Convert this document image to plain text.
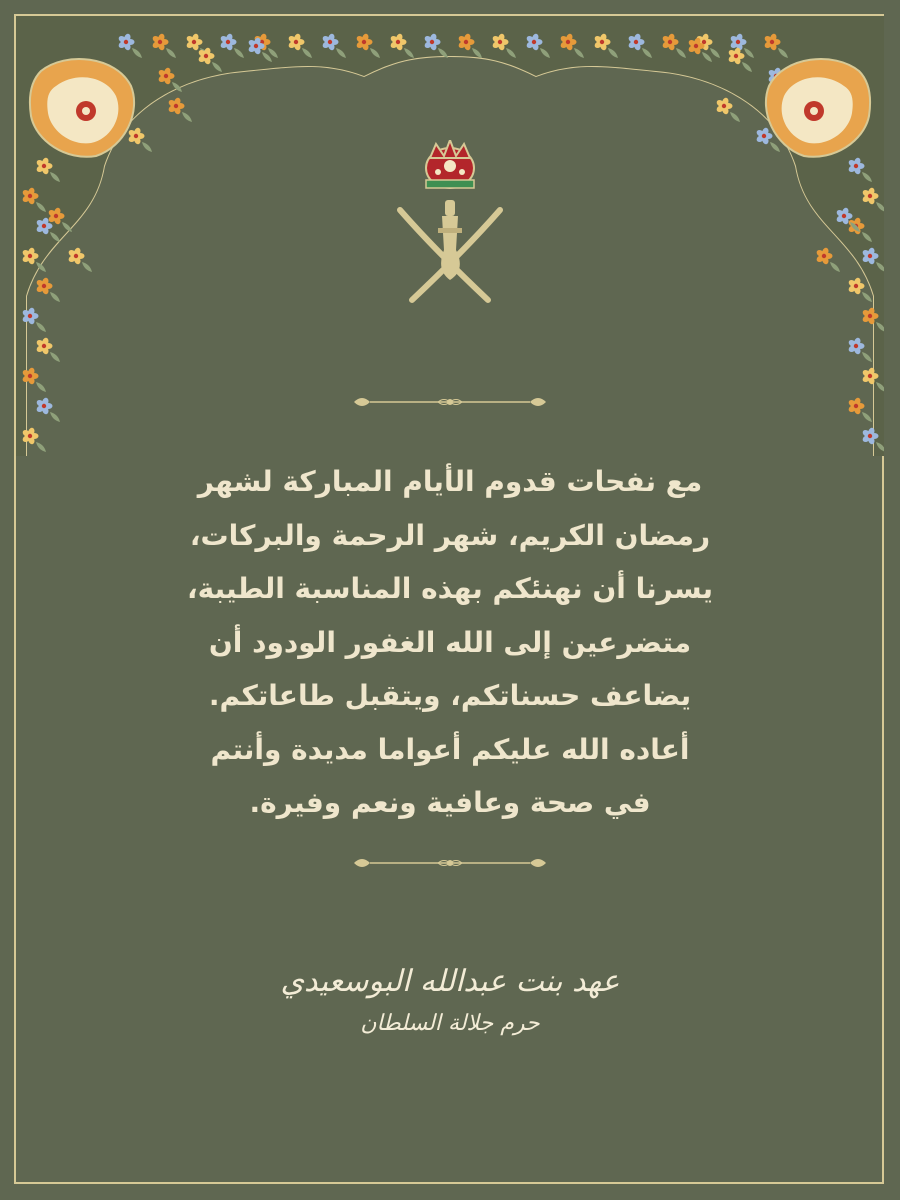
مع نفحات قدوم الأيام المباركة لشهر
رمضان الكريم، شهر الرحمة والبركات،
يسرنا أن نهنئكم بهذه المناسبة الطيبة،
متضرعين إلى الله الغفور الودود أن
يضاعف حسناتكم، ويتقبل طاعاتكم.
أعاده الله عليكم أعواما مديدة وأنتم
في صحة وعافية ونعم وفيرة.
عهد بنت عبدالله البوسعيدي
حرم جلالة السلطان
